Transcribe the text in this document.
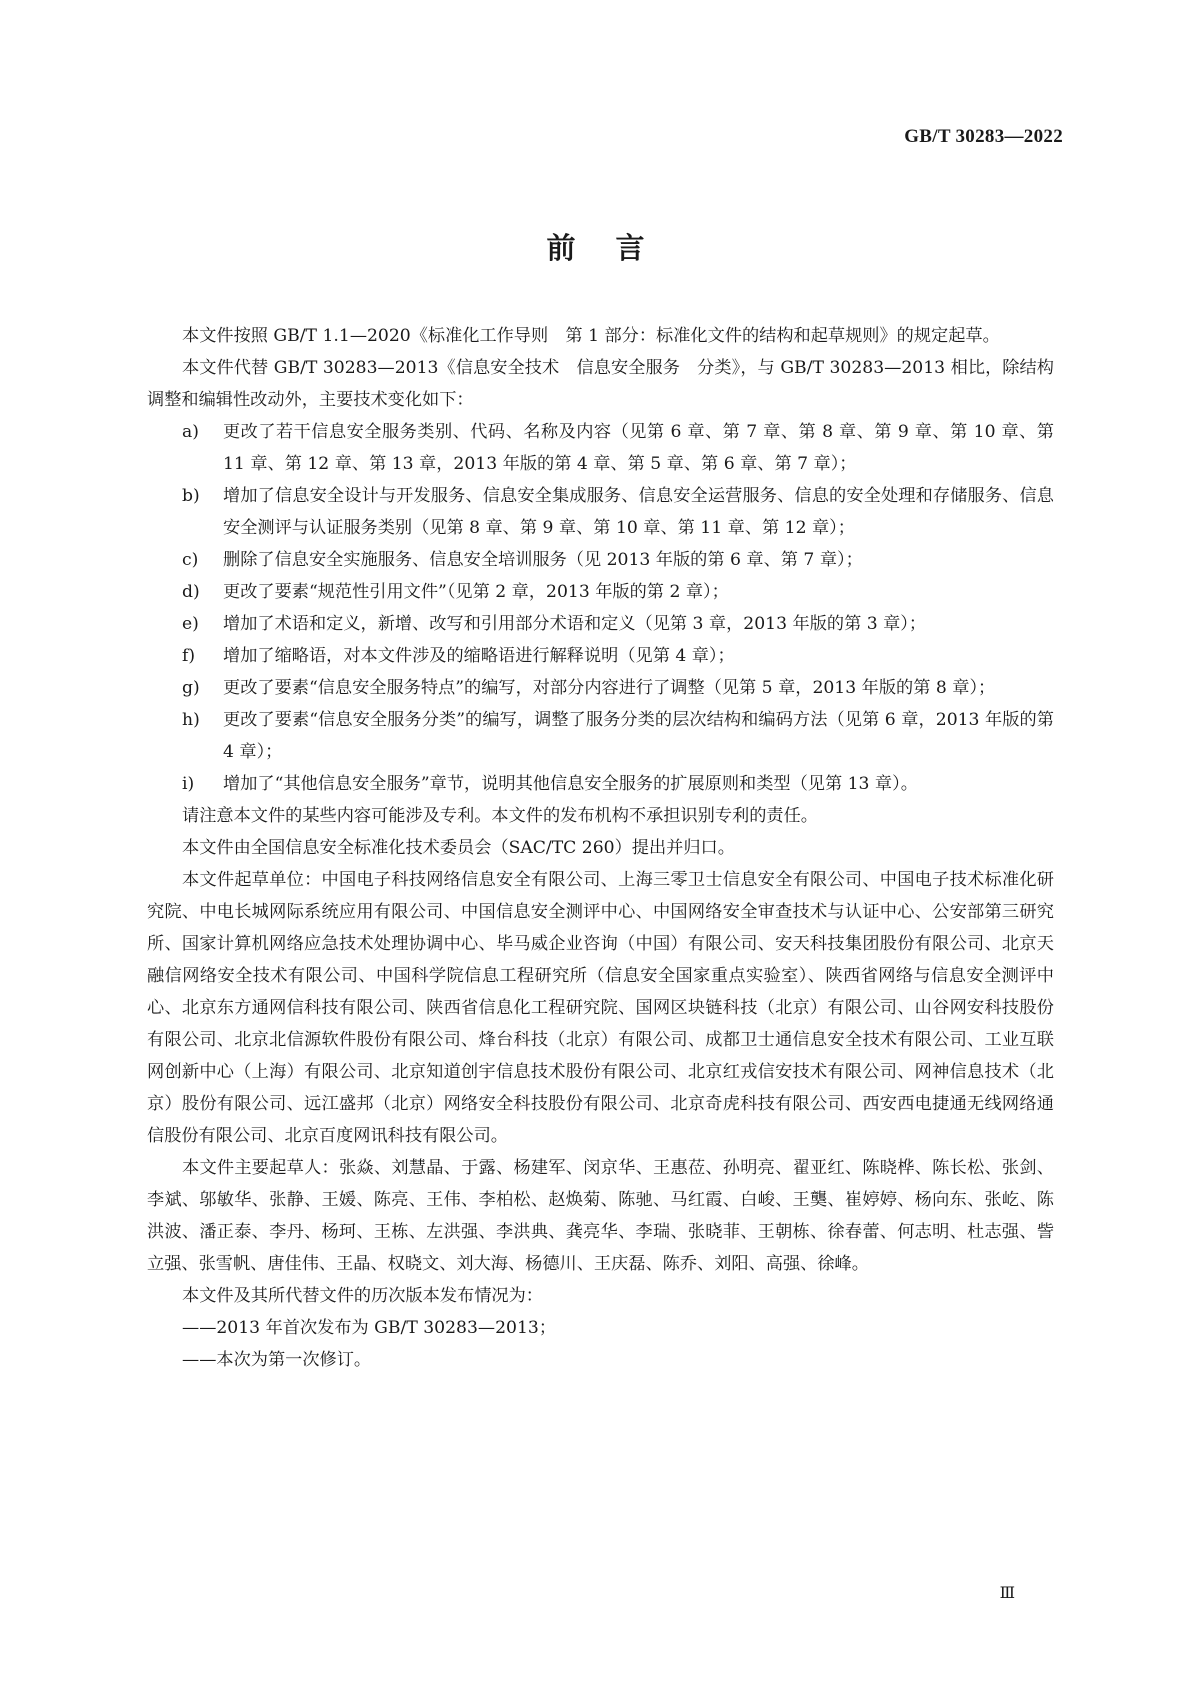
GB/T 30283—2022
前言

本文件按照 GB/T 1.1—2020《标准化工作导则　第 1 部分：标准化文件的结构和起草规则》的规定起草。

本文件代替 GB/T 30283—2013《信息安全技术　信息安全服务　分类》，与 GB/T 30283—2013 相比，除结构调整和编辑性改动外，主要技术变化如下：

a)	更改了若干信息安全服务类别、代码、名称及内容（见第 6 章、第 7 章、第 8 章、第 9 章、第 10 章、第 11 章、第 12 章、第 13 章，2013 年版的第 4 章、第 5 章、第 6 章、第 7 章）；
b)	增加了信息安全设计与开发服务、信息安全集成服务、信息安全运营服务、信息的安全处理和存储服务、信息安全测评与认证服务类别（见第 8 章、第 9 章、第 10 章、第 11 章、第 12 章）；
c)	删除了信息安全实施服务、信息安全培训服务（见 2013 年版的第 6 章、第 7 章）；
d)	更改了要素“规范性引用文件”（见第 2 章，2013 年版的第 2 章）；
e)	增加了术语和定义，新增、改写和引用部分术语和定义（见第 3 章，2013 年版的第 3 章）；
f)	增加了缩略语，对本文件涉及的缩略语进行解释说明（见第 4 章）；
g)	更改了要素“信息安全服务特点”的编写，对部分内容进行了调整（见第 5 章，2013 年版的第 8 章）；
h)	更改了要素“信息安全服务分类”的编写，调整了服务分类的层次结构和编码方法（见第 6 章，2013 年版的第 4 章）；
i)	增加了“其他信息安全服务”章节，说明其他信息安全服务的扩展原则和类型（见第 13 章）。

请注意本文件的某些内容可能涉及专利。本文件的发布机构不承担识别专利的责任。

本文件由全国信息安全标准化技术委员会（SAC/TC 260）提出并归口。

本文件起草单位：中国电子科技网络信息安全有限公司、上海三零卫士信息安全有限公司、中国电子技术标准化研究院、中电长城网际系统应用有限公司、中国信息安全测评中心、中国网络安全审查技术与认证中心、公安部第三研究所、国家计算机网络应急技术处理协调中心、毕马威企业咨询（中国）有限公司、安天科技集团股份有限公司、北京天融信网络安全技术有限公司、中国科学院信息工程研究所（信息安全国家重点实验室）、陕西省网络与信息安全测评中心、北京东方通网信科技有限公司、陕西省信息化工程研究院、国网区块链科技（北京）有限公司、山谷网安科技股份有限公司、北京北信源软件股份有限公司、烽台科技（北京）有限公司、成都卫士通信息安全技术有限公司、工业互联网创新中心（上海）有限公司、北京知道创宇信息技术股份有限公司、北京红戎信安技术有限公司、网神信息技术（北京）股份有限公司、远江盛邦（北京）网络安全科技股份有限公司、北京奇虎科技有限公司、西安西电捷通无线网络通信股份有限公司、北京百度网讯科技有限公司。

本文件主要起草人：张焱、刘慧晶、于露、杨建军、闵京华、王惠莅、孙明亮、翟亚红、陈晓桦、陈长松、张剑、李斌、邬敏华、张静、王媛、陈亮、王伟、李柏松、赵焕菊、陈驰、马红霞、白峻、王龑、崔婷婷、杨向东、张屹、陈洪波、潘正泰、李丹、杨珂、王栋、左洪强、李洪典、龚亮华、李瑞、张晓菲、王朝栋、徐春蕾、何志明、杜志强、訾立强、张雪帆、唐佳伟、王晶、权晓文、刘大海、杨德川、王庆磊、陈乔、刘阳、高强、徐峰。

本文件及其所代替文件的历次版本发布情况为：

——2013 年首次发布为 GB/T 30283—2013；

——本次为第一次修订。

Ⅲ
